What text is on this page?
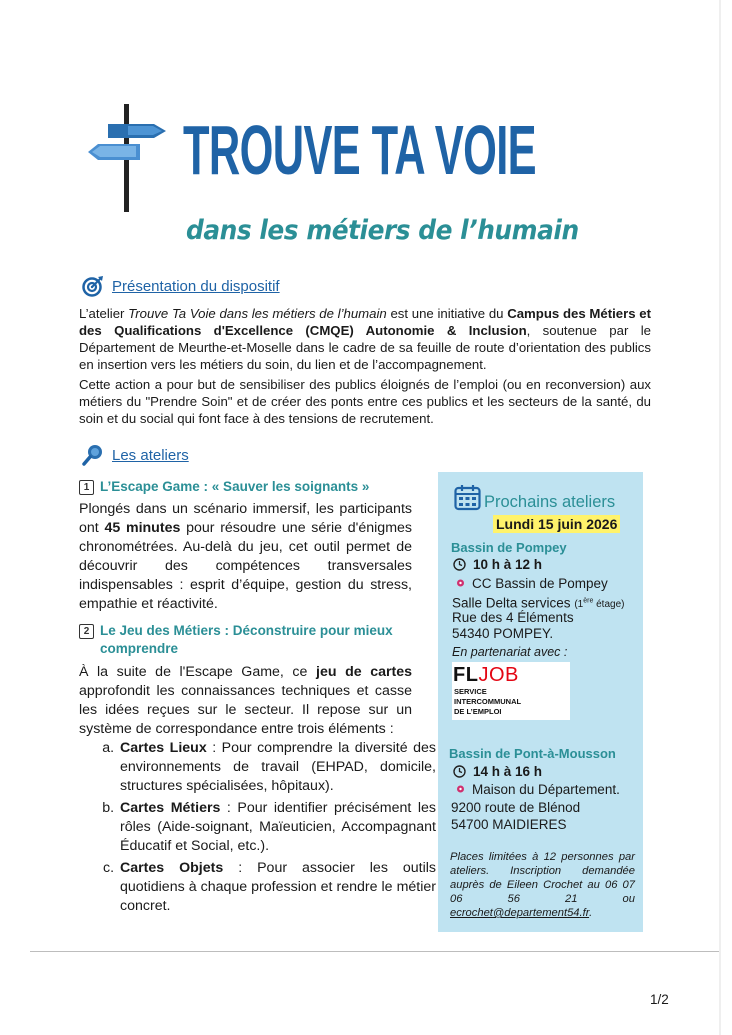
TROUVE TA VOIE
dans les métiers de l’humain
Présentation du dispositif

L’atelier Trouve Ta Voie dans les métiers de l’humain est une initiative du Campus des Métiers et des Qualifications d'Excellence (CMQE) Autonomie & Inclusion, soutenue par le Département de Meurthe-et-Moselle dans le cadre de sa feuille de route d’orientation des publics en insertion vers les métiers du soin, du lien et de l’accompagnement.

Cette action a pour but de sensibiliser des publics éloignés de l’emploi (ou en reconversion) aux métiers du "Prendre Soin" et de créer des ponts entre ces publics et les secteurs de la santé, du soin et du social qui font face à des tensions de recrutement.

Les ateliers
1 L’Escape Game : « Sauver les soignants »
Plongés dans un scénario immersif, les participants ont 45 minutes pour résoudre une série d'énigmes chronométrées. Au-delà du jeu, cet outil permet de découvrir des compétences transversales indispensables : esprit d’équipe, gestion du stress, empathie et réactivité.
2 Le Jeu des Métiers : Déconstruire pour mieux comprendre
À la suite de l'Escape Game, ce jeu de cartes approfondit les connaissances techniques et casse les idées reçues sur le secteur. Il repose sur un système de correspondance entre trois éléments :
a. Cartes Lieux : Pour comprendre la diversité des environnements de travail (EHPAD, domicile, structures spécialisées, hôpitaux).
b. Cartes Métiers : Pour identifier précisément les rôles (Aide-soignant, Maïeuticien, Accompagnant Éducatif et Social, etc.).
c. Cartes Objets : Pour associer les outils quotidiens à chaque profession et rendre le métier concret.
Prochains ateliers
Lundi 15 juin 2026
Bassin de Pompey
10 h à 12 h
CC Bassin de Pompey
Salle Delta services (1ère étage)
Rue des 4 Éléments
54340 POMPEY.
En partenariat avec :
FLJOB
SERVICE
INTERCOMMUNAL
DE L’EMPLOI
Bassin de Pont-à-Mousson
14 h à 16 h
Maison du Département.
9200 route de Blénod
54700 MAIDIERES
Places limitées à 12 personnes par ateliers. Inscription demandée auprès de Eileen Crochet au 06 07 06 56 21 ou ecrochet@departement54.fr.
1/2
